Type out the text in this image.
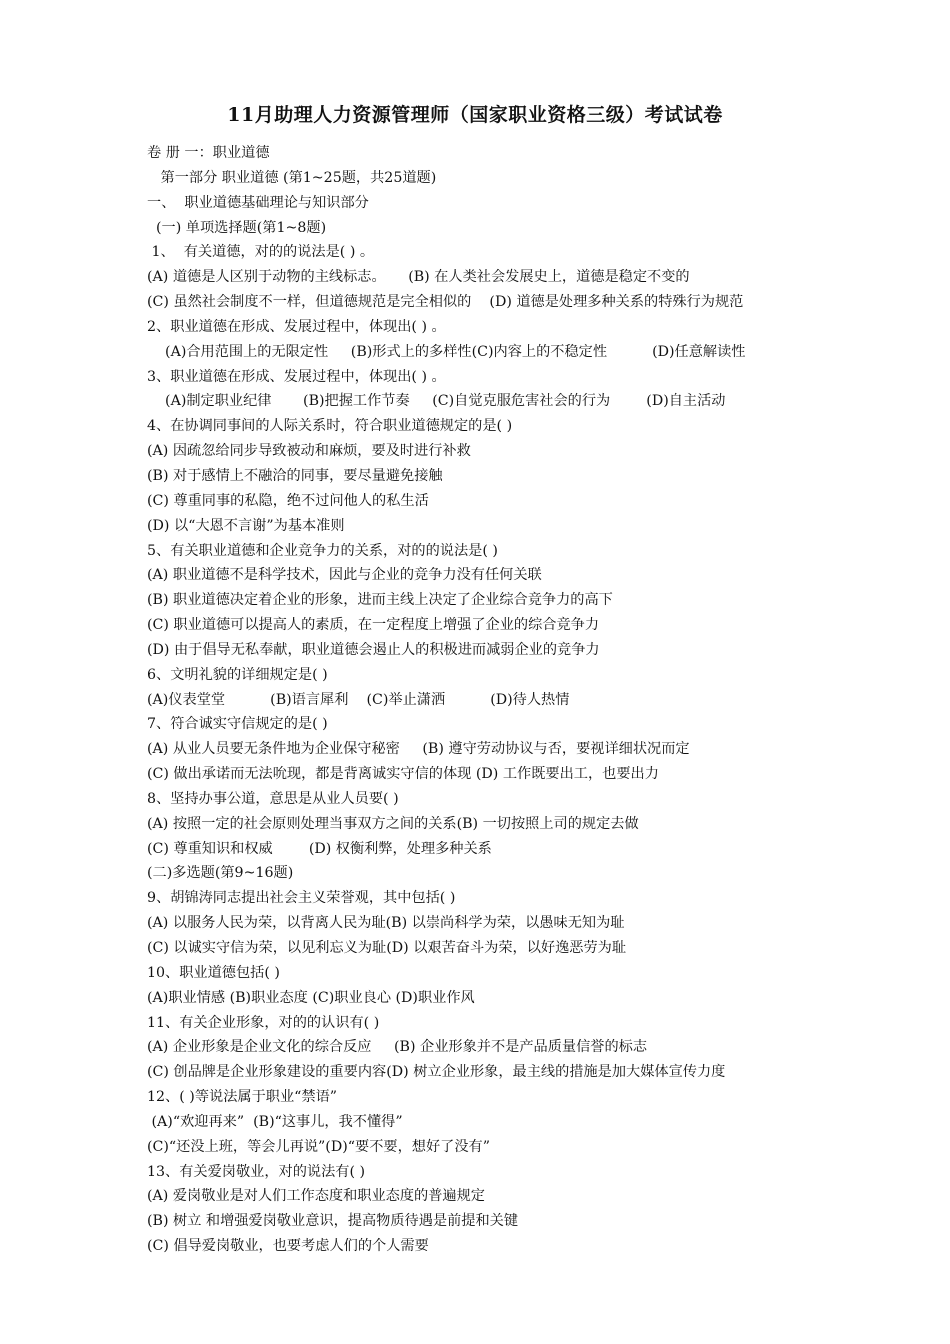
11月助理人力资源管理师（国家职业资格三级）考试试卷
卷 册 一：职业道德
第一部分 职业道德 (第1~25题，共25道题)
一、  职业道德基础理论与知识部分
(一) 单项选择题(第1~8题)
1、  有关道德，对的的说法是( ) 。
(A) 道德是人区别于动物的主线标志。     (B) 在人类社会发展史上，道德是稳定不变的
(C) 虽然社会制度不一样，但道德规范是完全相似的    (D) 道德是处理多种关系的特殊行为规范
2、职业道德在形成、发展过程中，体现出( ) 。
(A)合用范围上的无限定性     (B)形式上的多样性(C)内容上的不稳定性          (D)任意解读性
3、职业道德在形成、发展过程中，体现出( ) 。
(A)制定职业纪律       (B)把握工作节奏     (C)自觉克服危害社会的行为        (D)自主活动
4、在协调同事间的人际关系时，符合职业道德规定的是( )
(A) 因疏忽给同步导致被动和麻烦，要及时进行补救
(B) 对于感情上不融洽的同事，要尽量避免接触
(C) 尊重同事的私隐，绝不过问他人的私生活
(D) 以“大恩不言谢”为基本准则
5、有关职业道德和企业竞争力的关系，对的的说法是( )
(A) 职业道德不是科学技术，因此与企业的竞争力没有任何关联
(B) 职业道德决定着企业的形象，进而主线上决定了企业综合竞争力的高下
(C) 职业道德可以提高人的素质，在一定程度上增强了企业的综合竞争力
(D) 由于倡导无私奉献，职业道德会遏止人的积极进而减弱企业的竞争力
6、文明礼貌的详细规定是( )
(A)仪表堂堂          (B)语言犀利    (C)举止潇洒          (D)待人热情
7、符合诚实守信规定的是( )
(A) 从业人员要无条件地为企业保守秘密     (B) 遵守劳动协议与否，要视详细状况而定
(C) 做出承诺而无法吮现，都是背离诚实守信的体现 (D) 工作既要出工，也要出力
8、坚持办事公道，意思是从业人员要( )
(A) 按照一定的社会原则处理当事双方之间的关系(B) 一切按照上司的规定去做
(C) 尊重知识和权威        (D) 权衡利弊，处理多种关系
(二)多选题(第9~16题)
9、胡锦涛同志提出社会主义荣誉观，其中包括( )
(A) 以服务人民为荣，以背离人民为耻(B) 以崇尚科学为荣，以愚味无知为耻
(C) 以诚实守信为荣，以见利忘义为耻(D) 以艰苦奋斗为荣，以好逸恶劳为耻
10、职业道德包括( )
(A)职业情感 (B)职业态度 (C)职业良心 (D)职业作风
11、有关企业形象，对的的认识有( )
(A) 企业形象是企业文化的综合反应     (B) 企业形象并不是产品质量信誉的标志
(C) 创品牌是企业形象建设的重要内容(D) 树立企业形象，最主线的措施是加大媒体宣传力度
12、( )等说法属于职业“禁语”
(A)“欢迎再来”  (B)“这事儿，我不懂得”
(C)“还没上班，等会儿再说”(D)“要不要，想好了没有”
13、有关爱岗敬业，对的说法有( )
(A) 爱岗敬业是对人们工作态度和职业态度的普遍规定
(B) 树立 和增强爱岗敬业意识，提高物质待遇是前提和关键
(C) 倡导爱岗敬业，也要考虑人们的个人需要
